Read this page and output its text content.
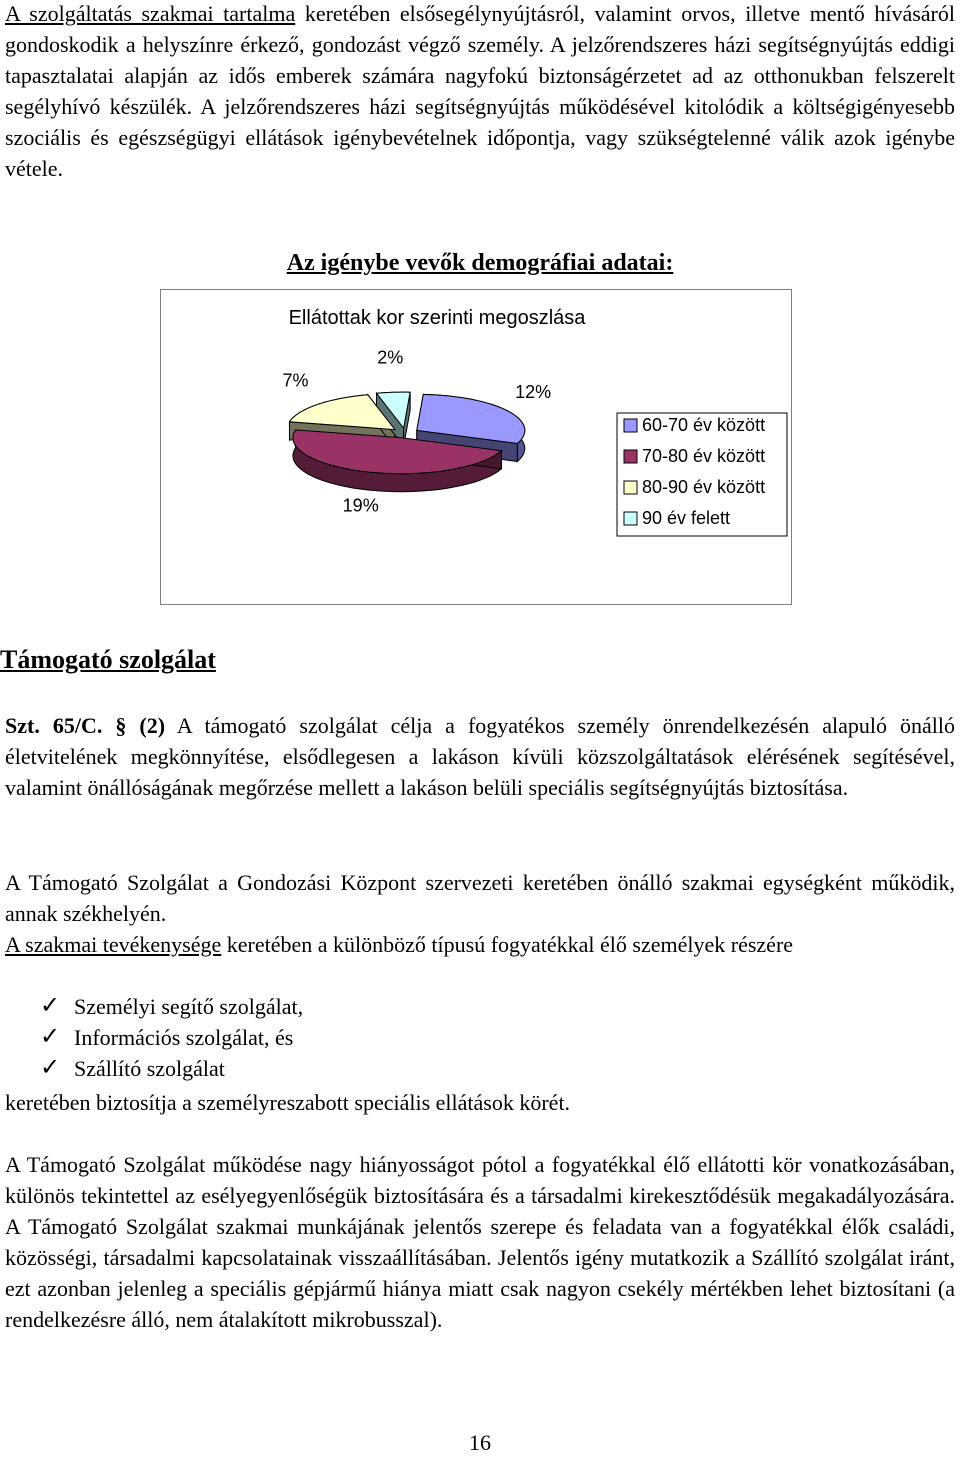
A szolgáltatás szakmai tartalma keretében elsősegélynyújtásról, valamint orvos, illetve mentő hívásáról gondoskodik a helyszínre érkező, gondozást végző személy. A jelzőrendszeres házi segítségnyújtás eddigi tapasztalatai alapján az idős emberek számára nagyfokú biztonságérzetet ad az otthonukban felszerelt segélyhívó készülék. A jelzőrendszeres házi segítségnyújtás működésével kitolódik a költségigényesebb szociális és egészségügyi ellátások igénybevételnek időpontja, vagy szükségtelenné válik azok igénybe vétele.

Az igénybe vevők demográfiai adatai:
Ellátottak kor szerinti megoszlása
12%
19%
7%
2%
60-70 év között
70-80 év között
80-90 év között
90 év felett
Támogató szolgálat

Szt. 65/C. § (2) A támogató szolgálat célja a fogyatékos személy önrendelkezésén alapuló önálló életvitelének megkönnyítése, elsődlegesen a lakáson kívüli közszolgáltatások elérésének segítésével, valamint önállóságának megőrzése mellett a lakáson belüli speciális segítségnyújtás biztosítása.

A Támogató Szolgálat a Gondozási Központ szervezeti keretében önálló szakmai egységként működik, annak székhelyén.

A szakmai tevékenysége keretében a különböző típusú fogyatékkal élő személyek részére

✓ Személyi segítő szolgálat,
✓ Információs szolgálat, és
✓ Szállító szolgálat

keretében biztosítja a személyreszabott speciális ellátások körét.

A Támogató Szolgálat működése nagy hiányosságot pótol a fogyatékkal élő ellátotti kör vonatkozásában, különös tekintettel az esélyegyenlőségük biztosítására és a társadalmi kirekesztődésük megakadályozására. A Támogató Szolgálat szakmai munkájának jelentős szerepe és feladata van a fogyatékkal élők családi, közösségi, társadalmi kapcsolatainak visszaállításában. Jelentős igény mutatkozik a Szállító szolgálat iránt, ezt azonban jelenleg a speciális gépjármű hiánya miatt csak nagyon csekély mértékben lehet biztosítani (a rendelkezésre álló, nem átalakított mikrobusszal).

16
